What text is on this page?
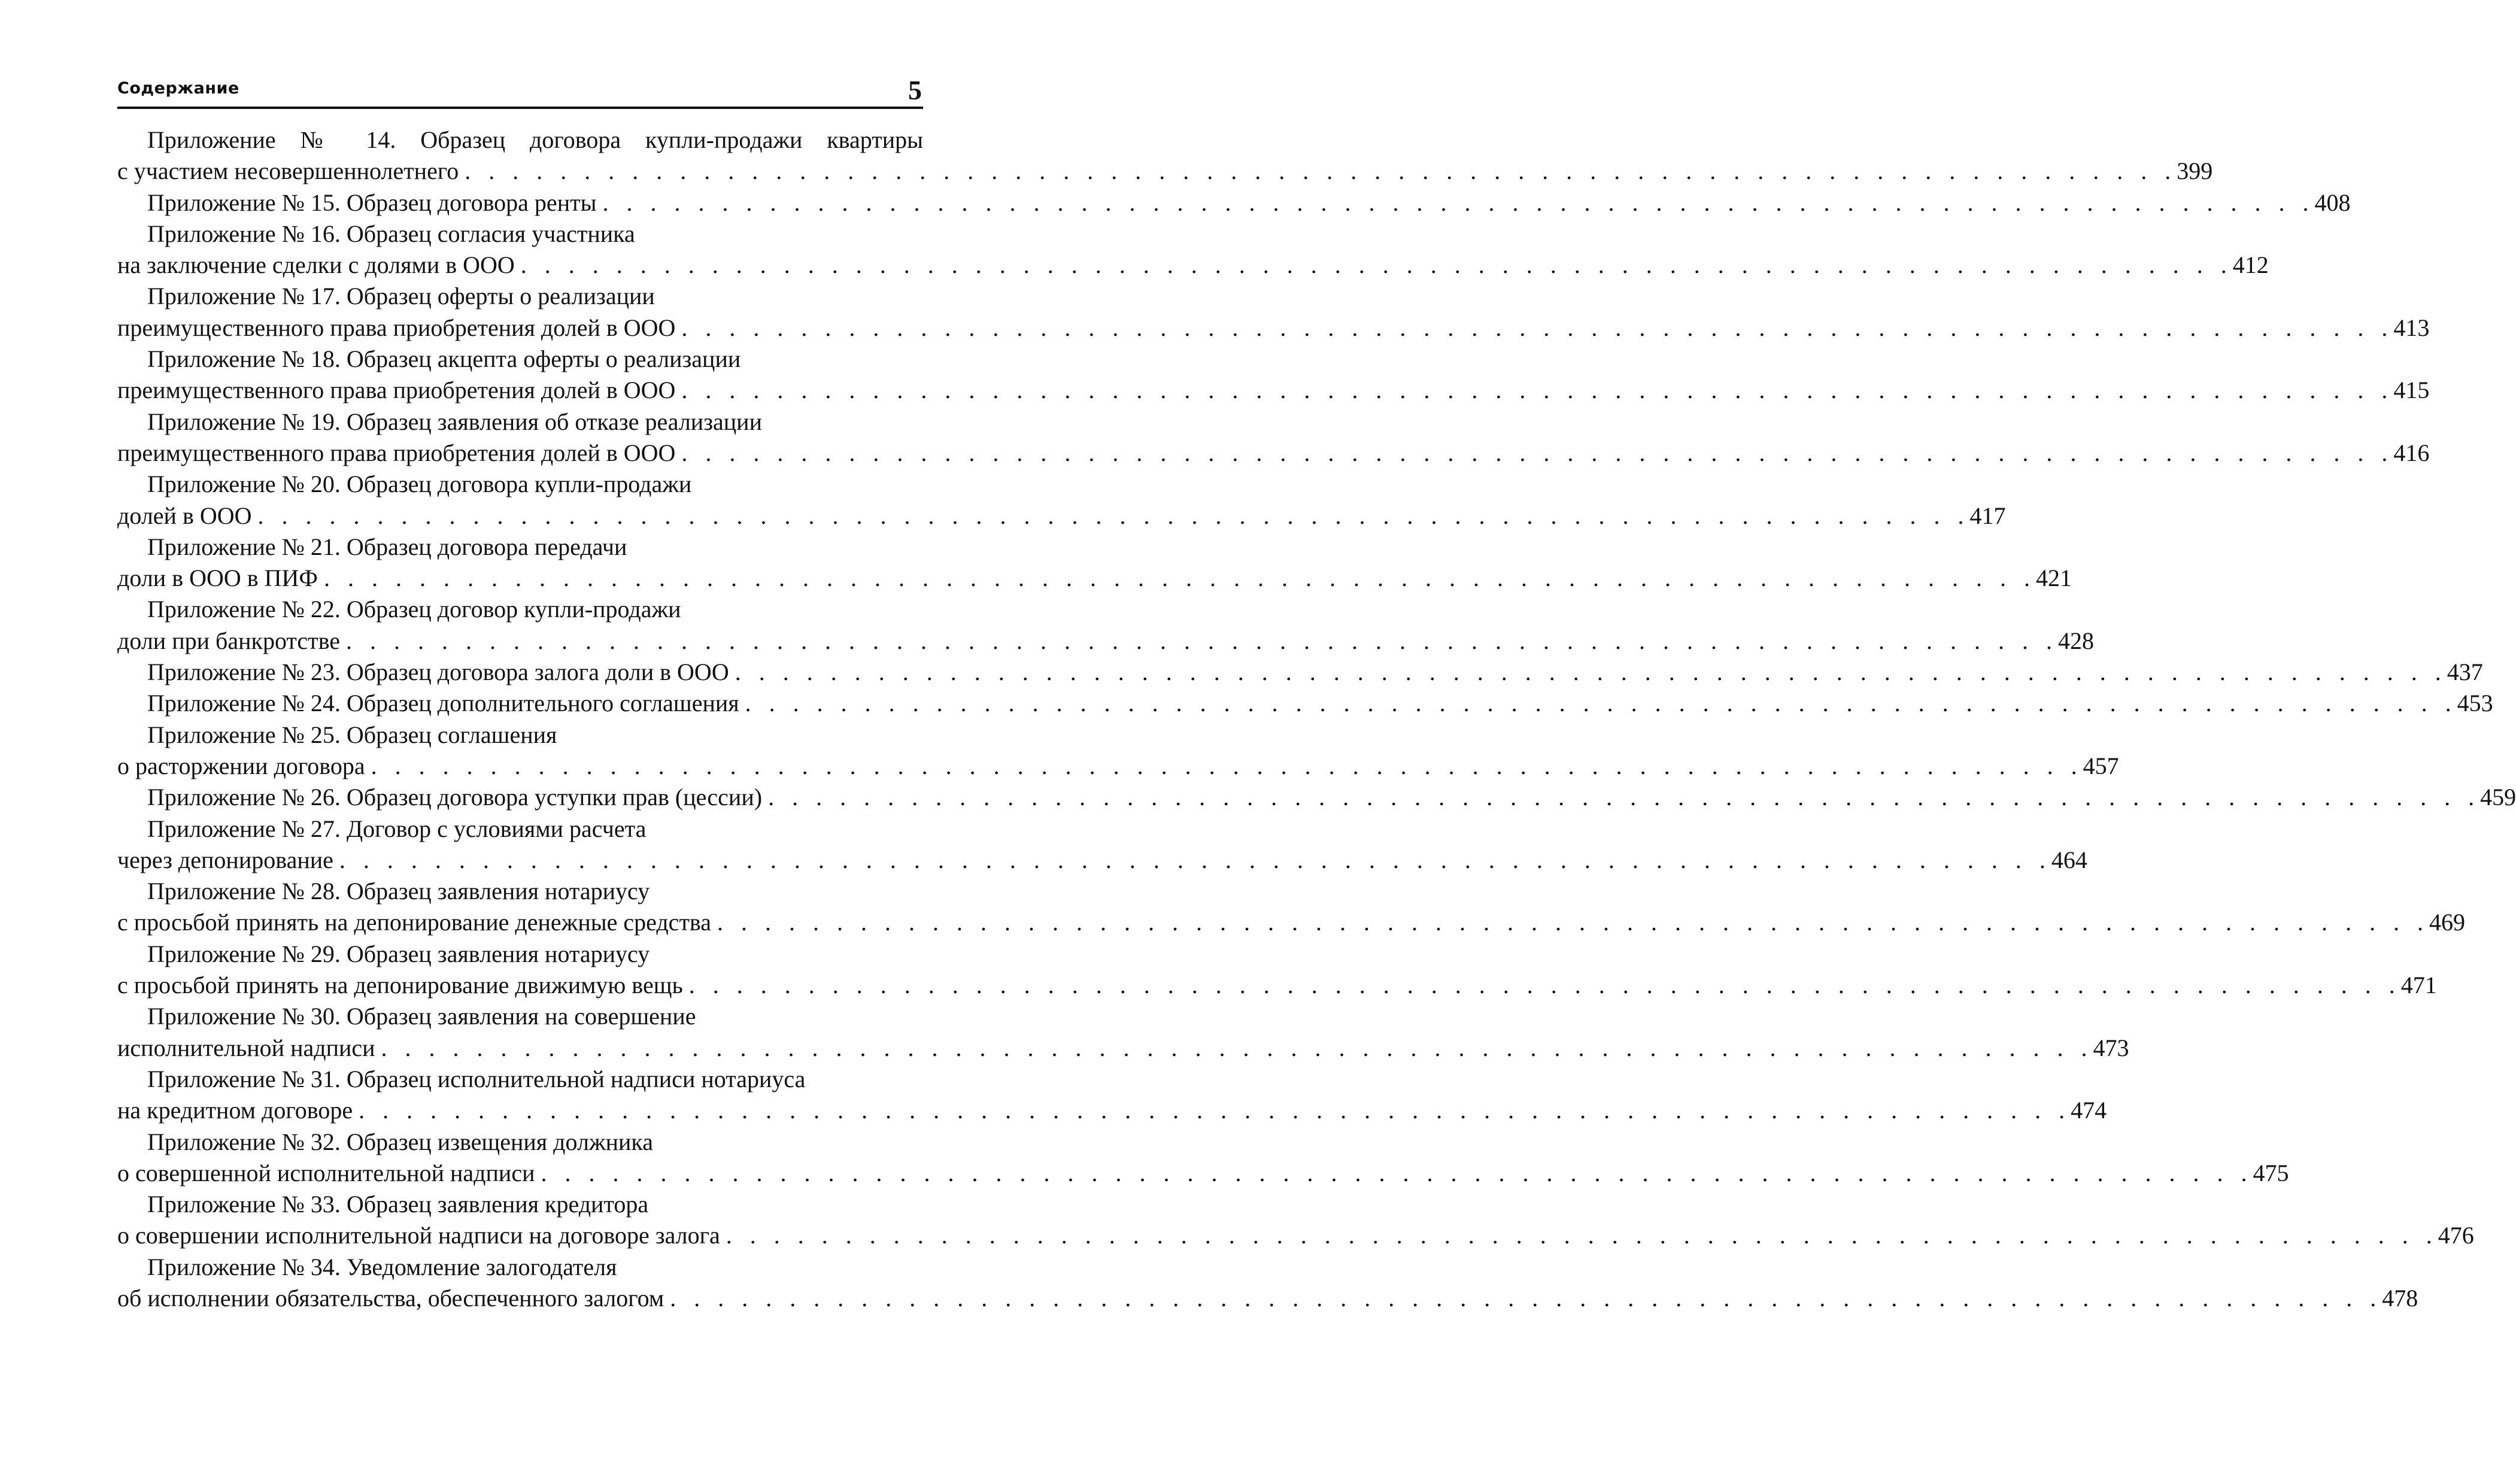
Содержание	5
Приложение № 14. Образец договора купли-продажи квартиры
с участием несовершеннолетнего . . . . . . . . . . . . . . . . . . . . . . . . . . . . . . . . . . . . . . . . . . . . . . . . . . . . . . . . . . . . . . . . . . . . . . . . 399
Приложение № 15. Образец договора ренты . . . . . . . . . . . . . . . . . . . . . . . . . . . . . . . . . . . . . . . . . . . . . . . . . . . . . . . . . . . . . . . . . . . . . . . . 408
Приложение № 16. Образец согласия участника
на заключение сделки с долями в ООО . . . . . . . . . . . . . . . . . . . . . . . . . . . . . . . . . . . . . . . . . . . . . . . . . . . . . . . . . . . . . . . . . . . . . . . . 412
Приложение № 17. Образец оферты о реализации
преимущественного права приобретения долей в ООО . . . . . . . . . . . . . . . . . . . . . . . . . . . . . . . . . . . . . . . . . . . . . . . . . . . . . . . . . . . . . . . . . . . . . . . . 413
Приложение № 18. Образец акцепта оферты о реализации
преимущественного права приобретения долей в ООО . . . . . . . . . . . . . . . . . . . . . . . . . . . . . . . . . . . . . . . . . . . . . . . . . . . . . . . . . . . . . . . . . . . . . . . . 415
Приложение № 19. Образец заявления об отказе реализации
преимущественного права приобретения долей в ООО . . . . . . . . . . . . . . . . . . . . . . . . . . . . . . . . . . . . . . . . . . . . . . . . . . . . . . . . . . . . . . . . . . . . . . . . 416
Приложение № 20. Образец договора купли-продажи
долей в ООО . . . . . . . . . . . . . . . . . . . . . . . . . . . . . . . . . . . . . . . . . . . . . . . . . . . . . . . . . . . . . . . . . . . . . . . . 417
Приложение № 21. Образец договора передачи
доли в ООО в ПИФ . . . . . . . . . . . . . . . . . . . . . . . . . . . . . . . . . . . . . . . . . . . . . . . . . . . . . . . . . . . . . . . . . . . . . . . . 421
Приложение № 22. Образец договор купли-продажи
доли при банкротстве . . . . . . . . . . . . . . . . . . . . . . . . . . . . . . . . . . . . . . . . . . . . . . . . . . . . . . . . . . . . . . . . . . . . . . . . 428
Приложение № 23. Образец договора залога доли в ООО . . . . . . . . . . . . . . . . . . . . . . . . . . . . . . . . . . . . . . . . . . . . . . . . . . . . . . . . . . . . . . . . . . . . . . . . 437
Приложение № 24. Образец дополнительного соглашения . . . . . . . . . . . . . . . . . . . . . . . . . . . . . . . . . . . . . . . . . . . . . . . . . . . . . . . . . . . . . . . . . . . . . . . . 453
Приложение № 25. Образец соглашения
о расторжении договора . . . . . . . . . . . . . . . . . . . . . . . . . . . . . . . . . . . . . . . . . . . . . . . . . . . . . . . . . . . . . . . . . . . . . . . . 457
Приложение № 26. Образец договора уступки прав (цессии) . . . . . . . . . . . . . . . . . . . . . . . . . . . . . . . . . . . . . . . . . . . . . . . . . . . . . . . . . . . . . . . . . . . . . . . . 459
Приложение № 27. Договор с условиями расчета
через депонирование . . . . . . . . . . . . . . . . . . . . . . . . . . . . . . . . . . . . . . . . . . . . . . . . . . . . . . . . . . . . . . . . . . . . . . . . 464
Приложение № 28. Образец заявления нотариусу
с просьбой принять на депонирование денежные средства . . . . . . . . . . . . . . . . . . . . . . . . . . . . . . . . . . . . . . . . . . . . . . . . . . . . . . . . . . . . . . . . . . . . . . . . 469
Приложение № 29. Образец заявления нотариусу
с просьбой принять на депонирование движимую вещь . . . . . . . . . . . . . . . . . . . . . . . . . . . . . . . . . . . . . . . . . . . . . . . . . . . . . . . . . . . . . . . . . . . . . . . . 471
Приложение № 30. Образец заявления на совершение
исполнительной надписи . . . . . . . . . . . . . . . . . . . . . . . . . . . . . . . . . . . . . . . . . . . . . . . . . . . . . . . . . . . . . . . . . . . . . . . . 473
Приложение № 31. Образец исполнительной надписи нотариуса
на кредитном договоре . . . . . . . . . . . . . . . . . . . . . . . . . . . . . . . . . . . . . . . . . . . . . . . . . . . . . . . . . . . . . . . . . . . . . . . . 474
Приложение № 32. Образец извещения должника
о совершенной исполнительной надписи . . . . . . . . . . . . . . . . . . . . . . . . . . . . . . . . . . . . . . . . . . . . . . . . . . . . . . . . . . . . . . . . . . . . . . . . 475
Приложение № 33. Образец заявления кредитора
о совершении исполнительной надписи на договоре залога . . . . . . . . . . . . . . . . . . . . . . . . . . . . . . . . . . . . . . . . . . . . . . . . . . . . . . . . . . . . . . . . . . . . . . . . 476
Приложение № 34. Уведомление залогодателя
об исполнении обязательства, обеспеченного залогом . . . . . . . . . . . . . . . . . . . . . . . . . . . . . . . . . . . . . . . . . . . . . . . . . . . . . . . . . . . . . . . . . . . . . . . . 478
